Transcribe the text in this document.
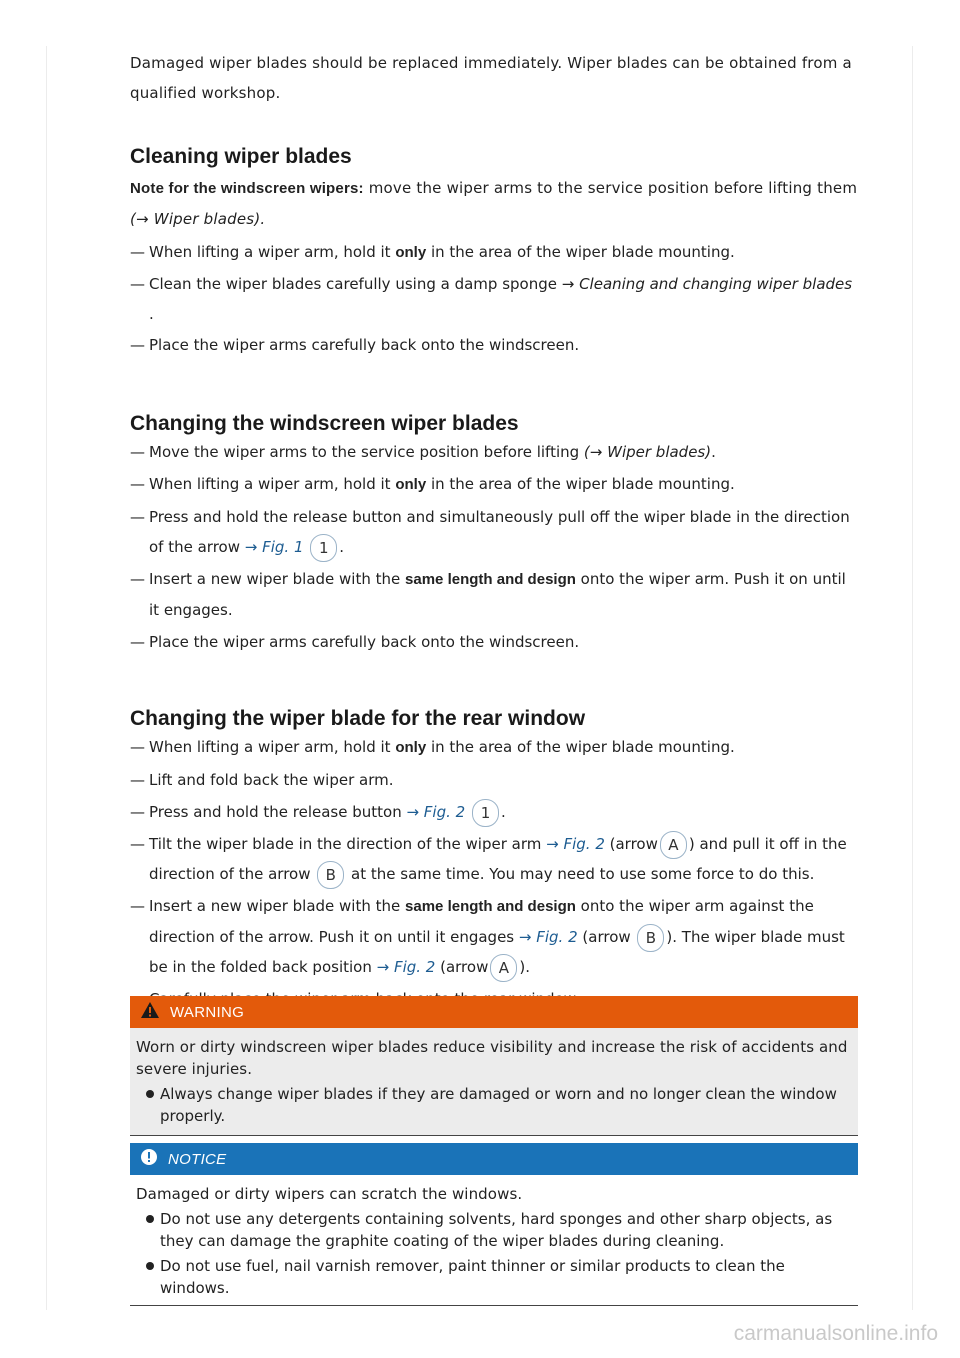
Damaged wiper blades should be replaced immediately. Wiper blades can be obtained from a

qualified workshop.

Cleaning wiper blades

Note for the windscreen wipers: move the wiper arms to the service position before lifting them

(→ Wiper blades).

— When lifting a wiper arm, hold it only in the area of the wiper blade mounting.
— Clean the wiper blades carefully using a damp sponge → Cleaning and changing wiper blades .
— Place the wiper arms carefully back onto the windscreen.
Changing the windscreen wiper blades
— Move the wiper arms to the service position before lifting (→ Wiper blades).
— When lifting a wiper arm, hold it only in the area of the wiper blade mounting.
— Press and hold the release button and simultaneously pull off the wiper blade in the direction
of the arrow → Fig. 1 1 .
— Insert a new wiper blade with the same length and design onto the wiper arm. Push it on until
it engages.
— Place the wiper arms carefully back onto the windscreen.
Changing the wiper blade for the rear window
— When lifting a wiper arm, hold it only in the area of the wiper blade mounting.
— Lift and fold back the wiper arm.
— Press and hold the release button → Fig. 2 1 .
— Tilt the wiper blade in the direction of the wiper arm → Fig. 2 (arrow A ) and pull it off in the
direction of the arrow B at the same time. You may need to use some force to do this.
— Insert a new wiper blade with the same length and design onto the wiper arm against the
direction of the arrow. Push it on until it engages → Fig. 2 (arrow B ). The wiper blade must
be in the folded back position → Fig. 2 (arrow A ).
WARNING

Worn or dirty windscreen wiper blades reduce visibility and increase the risk of accidents and severe injuries.

Always change wiper blades if they are damaged or worn and no longer clean the window properly.
NOTICE

Damaged or dirty wipers can scratch the windows.

Do not use any detergents containing solvents, hard sponges and other sharp objects, as they can damage the graphite coating of the wiper blades during cleaning.
Do not use fuel, nail varnish remover, paint thinner or similar products to clean the windows.
carmanualsonline.info
